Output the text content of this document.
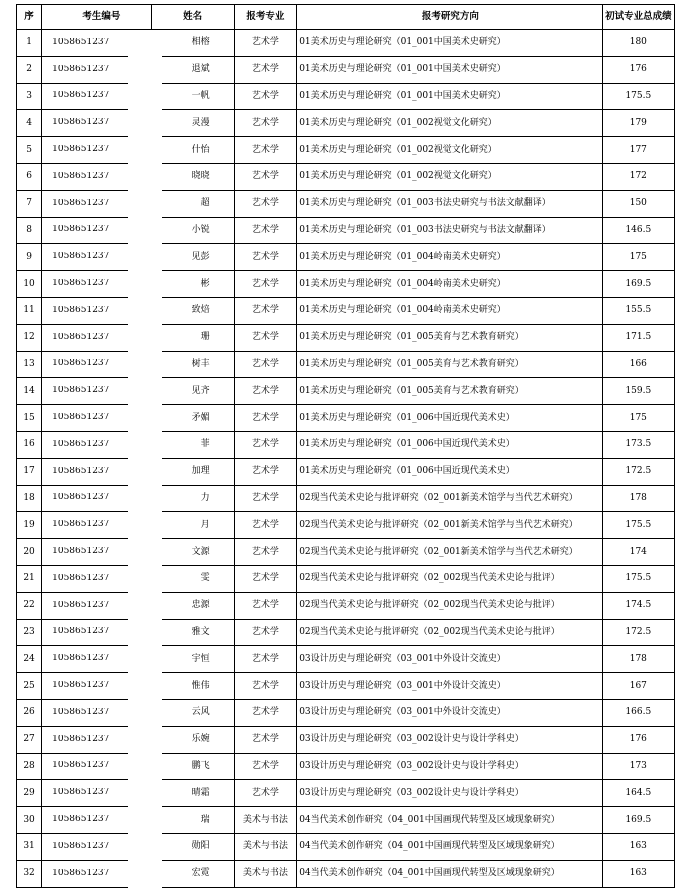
序	考生编号	姓名	报考专业	报考研究方向	初试专业总成绩
1	1058651237	相榕	艺术学	01美术历史与理论研究（01_001中国美术史研究）	180
2	1058651237	退斌	艺术学	01美术历史与理论研究（01_001中国美术史研究）	176
3	1058651237	一帆	艺术学	01美术历史与理论研究（01_001中国美术史研究）	175.5
4	1058651237	灵漫	艺术学	01美术历史与理论研究（01_002视觉文化研究）	179
5	1058651237	什怡	艺术学	01美术历史与理论研究（01_002视觉文化研究）	177
6	1058651237	晓晓	艺术学	01美术历史与理论研究（01_002视觉文化研究）	172
7	1058651237	超	艺术学	01美术历史与理论研究（01_003书法史研究与书法文献翻译）	150
8	1058651237	小锐	艺术学	01美术历史与理论研究（01_003书法史研究与书法文献翻译）	146.5
9	1058651237	见彭	艺术学	01美术历史与理论研究（01_004岭南美术史研究）	175
10	1058651237	彬	艺术学	01美术历史与理论研究（01_004岭南美术史研究）	169.5
11	1058651237	致焙	艺术学	01美术历史与理论研究（01_004岭南美术史研究）	155.5
12	1058651237	珊	艺术学	01美术历史与理论研究（01_005美育与艺术教育研究）	171.5
13	1058651237	树丰	艺术学	01美术历史与理论研究（01_005美育与艺术教育研究）	166
14	1058651237	见齐	艺术学	01美术历史与理论研究（01_005美育与艺术教育研究）	159.5
15	1058651237	矛媚	艺术学	01美术历史与理论研究（01_006中国近现代美术史）	175
16	1058651237	菲	艺术学	01美术历史与理论研究（01_006中国近现代美术史）	173.5
17	1058651237	加理	艺术学	01美术历史与理论研究（01_006中国近现代美术史）	172.5
18	1058651237	力	艺术学	02现当代美术史论与批评研究（02_001新美术馆学与当代艺术研究）	178
19	1058651237	月	艺术学	02现当代美术史论与批评研究（02_001新美术馆学与当代艺术研究）	175.5
20	1058651237	文源	艺术学	02现当代美术史论与批评研究（02_001新美术馆学与当代艺术研究）	174
21	1058651237	雯	艺术学	02现当代美术史论与批评研究（02_002现当代美术史论与批评）	175.5
22	1058651237	忠源	艺术学	02现当代美术史论与批评研究（02_002现当代美术史论与批评）	174.5
23	1058651237	雅文	艺术学	02现当代美术史论与批评研究（02_002现当代美术史论与批评）	172.5
24	1058651237	宇恒	艺术学	03设计历史与理论研究（03_001中外设计交流史）	178
25	1058651237	惟伟	艺术学	03设计历史与理论研究（03_001中外设计交流史）	167
26	1058651237	云风	艺术学	03设计历史与理论研究（03_001中外设计交流史）	166.5
27	1058651237	乐婉	艺术学	03设计历史与理论研究（03_002设计史与设计学科史）	176
28	1058651237	鹏飞	艺术学	03设计历史与理论研究（03_002设计史与设计学科史）	173
29	1058651237	晴霜	艺术学	03设计历史与理论研究（03_002设计史与设计学科史）	164.5
30	1058651237	瑞	美术与书法	04当代美术创作研究（04_001中国画现代转型及区域现象研究）	169.5
31	1058651237	勋阳	美术与书法	04当代美术创作研究（04_001中国画现代转型及区域现象研究）	163
32	1058651237	宏霓	美术与书法	04当代美术创作研究（04_001中国画现代转型及区域现象研究）	163
